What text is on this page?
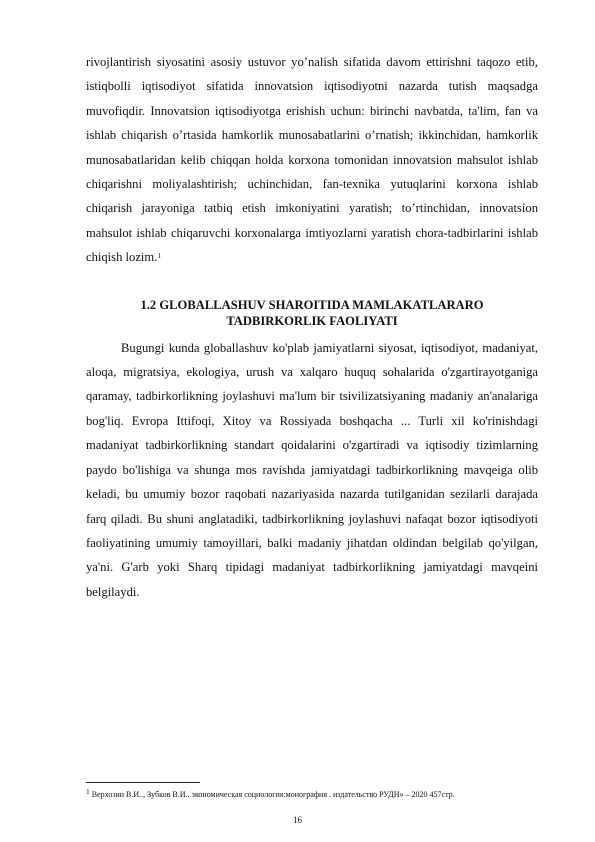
rivojlantirish siyosatini asosiy ustuvor yo’nalish sifatida davom ettirishni taqozo etib, istiqbolli iqtisodiyot sifatida innovatsion iqtisodiyotni nazarda tutish maqsadga muvofiqdir. Innovatsion iqtisodiyotga erishish uchun: birinchi navbatda, ta'lim, fan va ishlab chiqarish o’rtasida hamkorlik munosabatlarini o’rnatish; ikkinchidan, hamkorlik munosabatlaridan kelib chiqqan holda korxona tomonidan innovatsion mahsulot ishlab chiqarishni moliyalashtirish; uchinchidan, fan-texnika yutuqlarini korxona ishlab chiqarish jarayoniga tatbiq etish imkoniyatini yaratish; to’rtinchidan, innovatsion mahsulot ishlab chiqaruvchi korxonalarga imtiyozlarni yaratish chora-tadbirlarini ishlab chiqish lozim.$^1$

1.2 GLOBALLASHUV SHAROITIDA MAMLAKATLARARO
TADBIRKORLIK FAOLIYATI

Bugungi kunda globallashuv ko'plab jamiyatlarni siyosat, iqtisodiyot, madaniyat, aloqa, migratsiya, ekologiya, urush va xalqaro huquq sohalarida o'zgartirayotganiga qaramay, tadbirkorlikning joylashuvi ma'lum bir tsivilizatsiyaning madaniy an'analariga bog'liq. Evropa Ittifoqi, Xitoy va Rossiyada boshqacha ... Turli xil ko'rinishdagi madaniyat tadbirkorlikning standart qoidalarini o'zgartiradi va iqtisodiy tizimlarning paydo bo'lishiga va shunga mos ravishda jamiyatdagi tadbirkorlikning mavqeiga olib keladi, bu umumiy bozor raqobati nazariyasida nazarda tutilganidan sezilarli darajada farq qiladi. Bu shuni anglatadiki, tadbirkorlikning joylashuvi nafaqat bozor iqtisodiyoti faoliyatining umumiy tamoyillari, balki madaniy jihatdan oldindan belgilab qo'yilgan, ya'ni. G'arb yoki Sharq tipidagi madaniyat tadbirkorlikning jamiyatdagi mavqeini belgilaydi.

$^1$ Верхозин В.И.., Зубков В.И.. экономическая социология:монография . издательство РУДН» – 2020 457стр.

16
